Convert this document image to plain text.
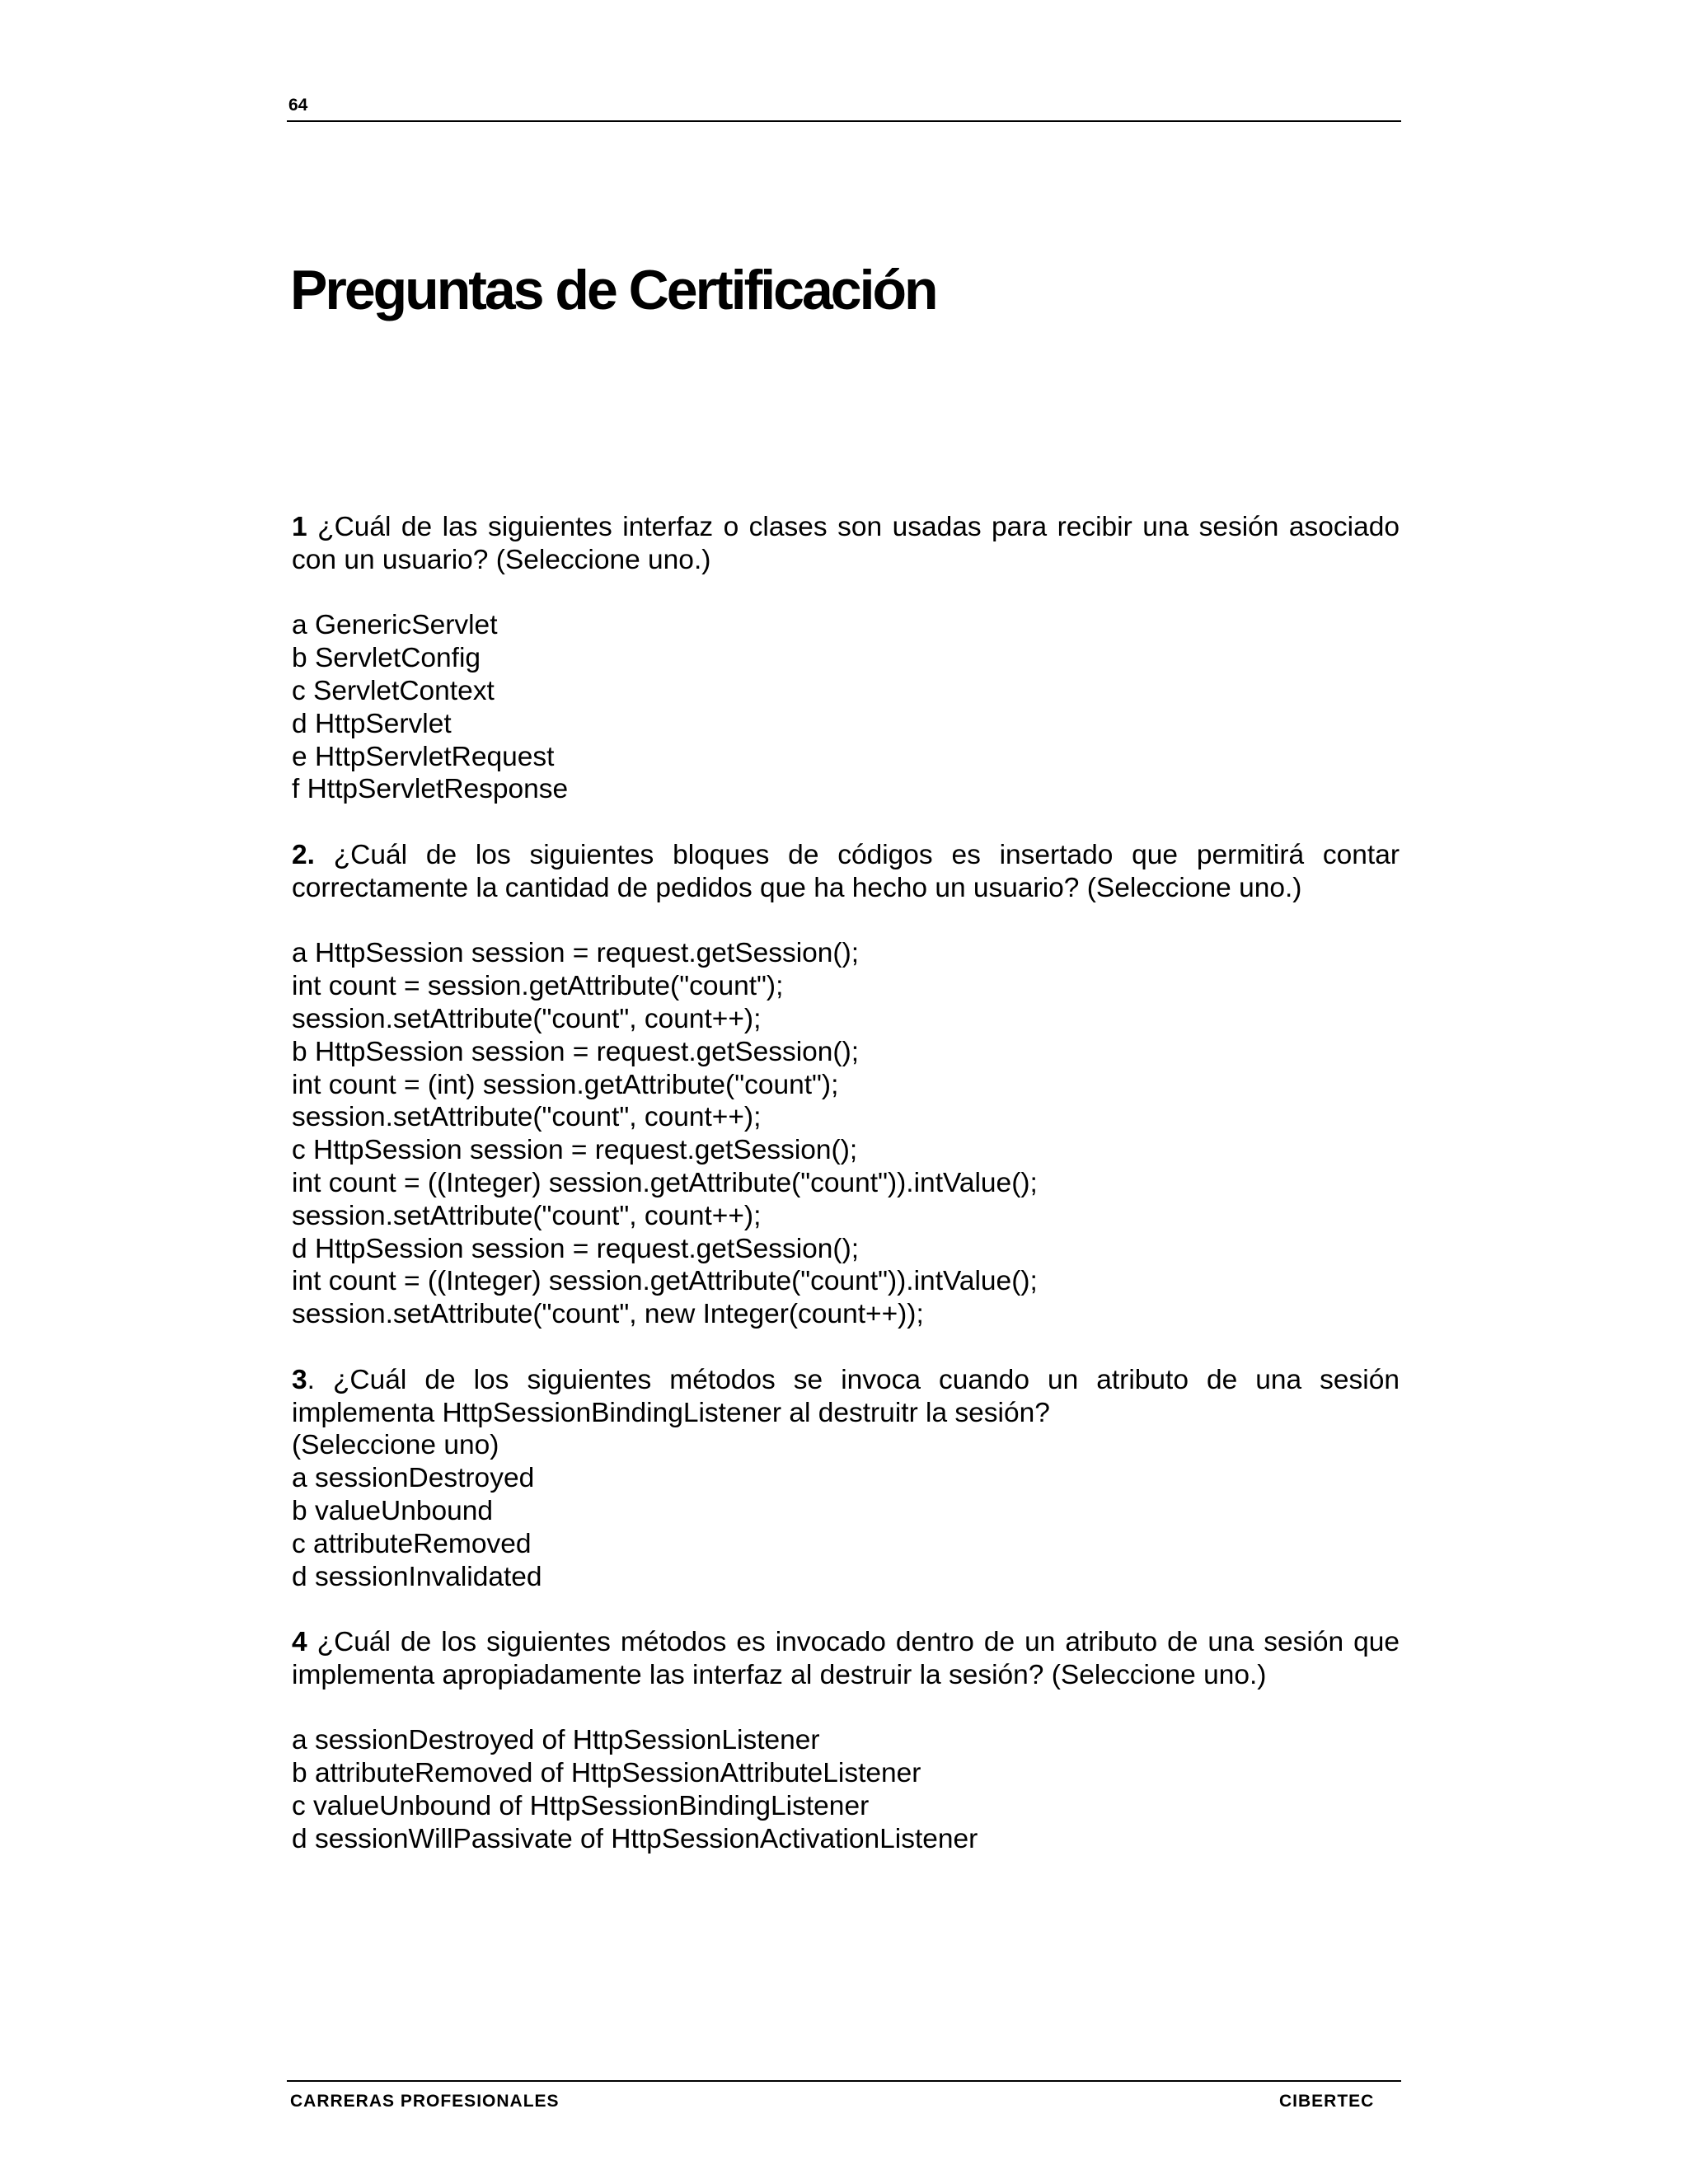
64
Preguntas de Certificación
1 ¿Cuál de las siguientes interfaz o clases son usadas para recibir una sesión asociado con un usuario? (Seleccione uno.)
a GenericServlet
b ServletConfig
c ServletContext
d HttpServlet
e HttpServletRequest
f HttpServletResponse
2. ¿Cuál de los siguientes bloques de códigos es insertado que permitirá contar correctamente la cantidad de pedidos que ha hecho un usuario? (Seleccione uno.)
a HttpSession session = request.getSession();
int count = session.getAttribute("count");
session.setAttribute("count", count++);
b HttpSession session = request.getSession();
int count = (int) session.getAttribute("count");
session.setAttribute("count", count++);
c HttpSession session = request.getSession();
int count = ((Integer) session.getAttribute("count")).intValue();
session.setAttribute("count", count++);
d HttpSession session = request.getSession();
int count = ((Integer) session.getAttribute("count")).intValue();
session.setAttribute("count", new Integer(count++));
3. ¿Cuál de los siguientes métodos se invoca cuando un atributo de una sesión implementa HttpSessionBindingListener al destruitr la sesión?
(Seleccione uno)
a sessionDestroyed
b valueUnbound
c attributeRemoved
d sessionInvalidated
4 ¿Cuál de los siguientes métodos es invocado dentro de un atributo de una sesión que implementa apropiadamente las interfaz al destruir la sesión? (Seleccione uno.)
a sessionDestroyed of HttpSessionListener
b attributeRemoved of HttpSessionAttributeListener
c valueUnbound of HttpSessionBindingListener
d sessionWillPassivate of HttpSessionActivationListener
CARRERAS PROFESIONALES	CIBERTEC
